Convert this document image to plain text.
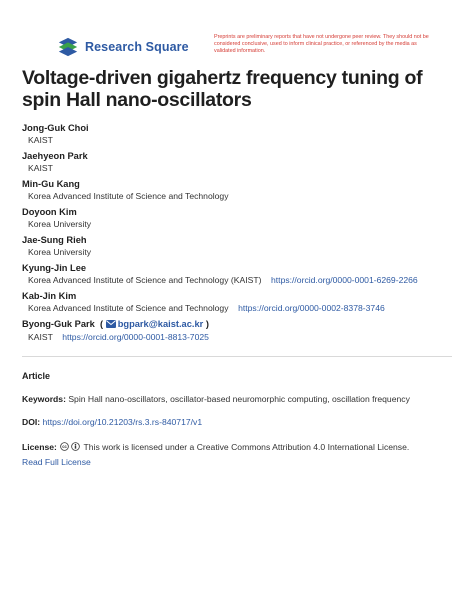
Research Square
Preprints are preliminary reports that have not undergone peer review. They should not be considered conclusive, used to inform clinical practice, or referenced by the media as validated information.
Voltage-driven gigahertz frequency tuning of spin Hall nano-oscillators
Jong-Guk Choi
KAIST
Jaehyeon Park
KAIST
Min-Gu Kang
Korea Advanced Institute of Science and Technology
Doyoon Kim
Korea University
Jae-Sung Rieh
Korea University
Kyung-Jin Lee
Korea Advanced Institute of Science and Technology (KAIST) https://orcid.org/0000-0001-6269-2266
Kab-Jin Kim
Korea Advanced Institute of Science and Technology https://orcid.org/0000-0002-8378-3746
Byong-Guk Park ( bgpark@kaist.ac.kr )
KAIST https://orcid.org/0000-0001-8813-7025
Article
Keywords: Spin Hall nano-oscillators, oscillator-based neuromorphic computing, oscillation frequency
DOI: https://doi.org/10.21203/rs.3.rs-840717/v1
License: cc This work is licensed under a Creative Commons Attribution 4.0 International License.
Read Full License
